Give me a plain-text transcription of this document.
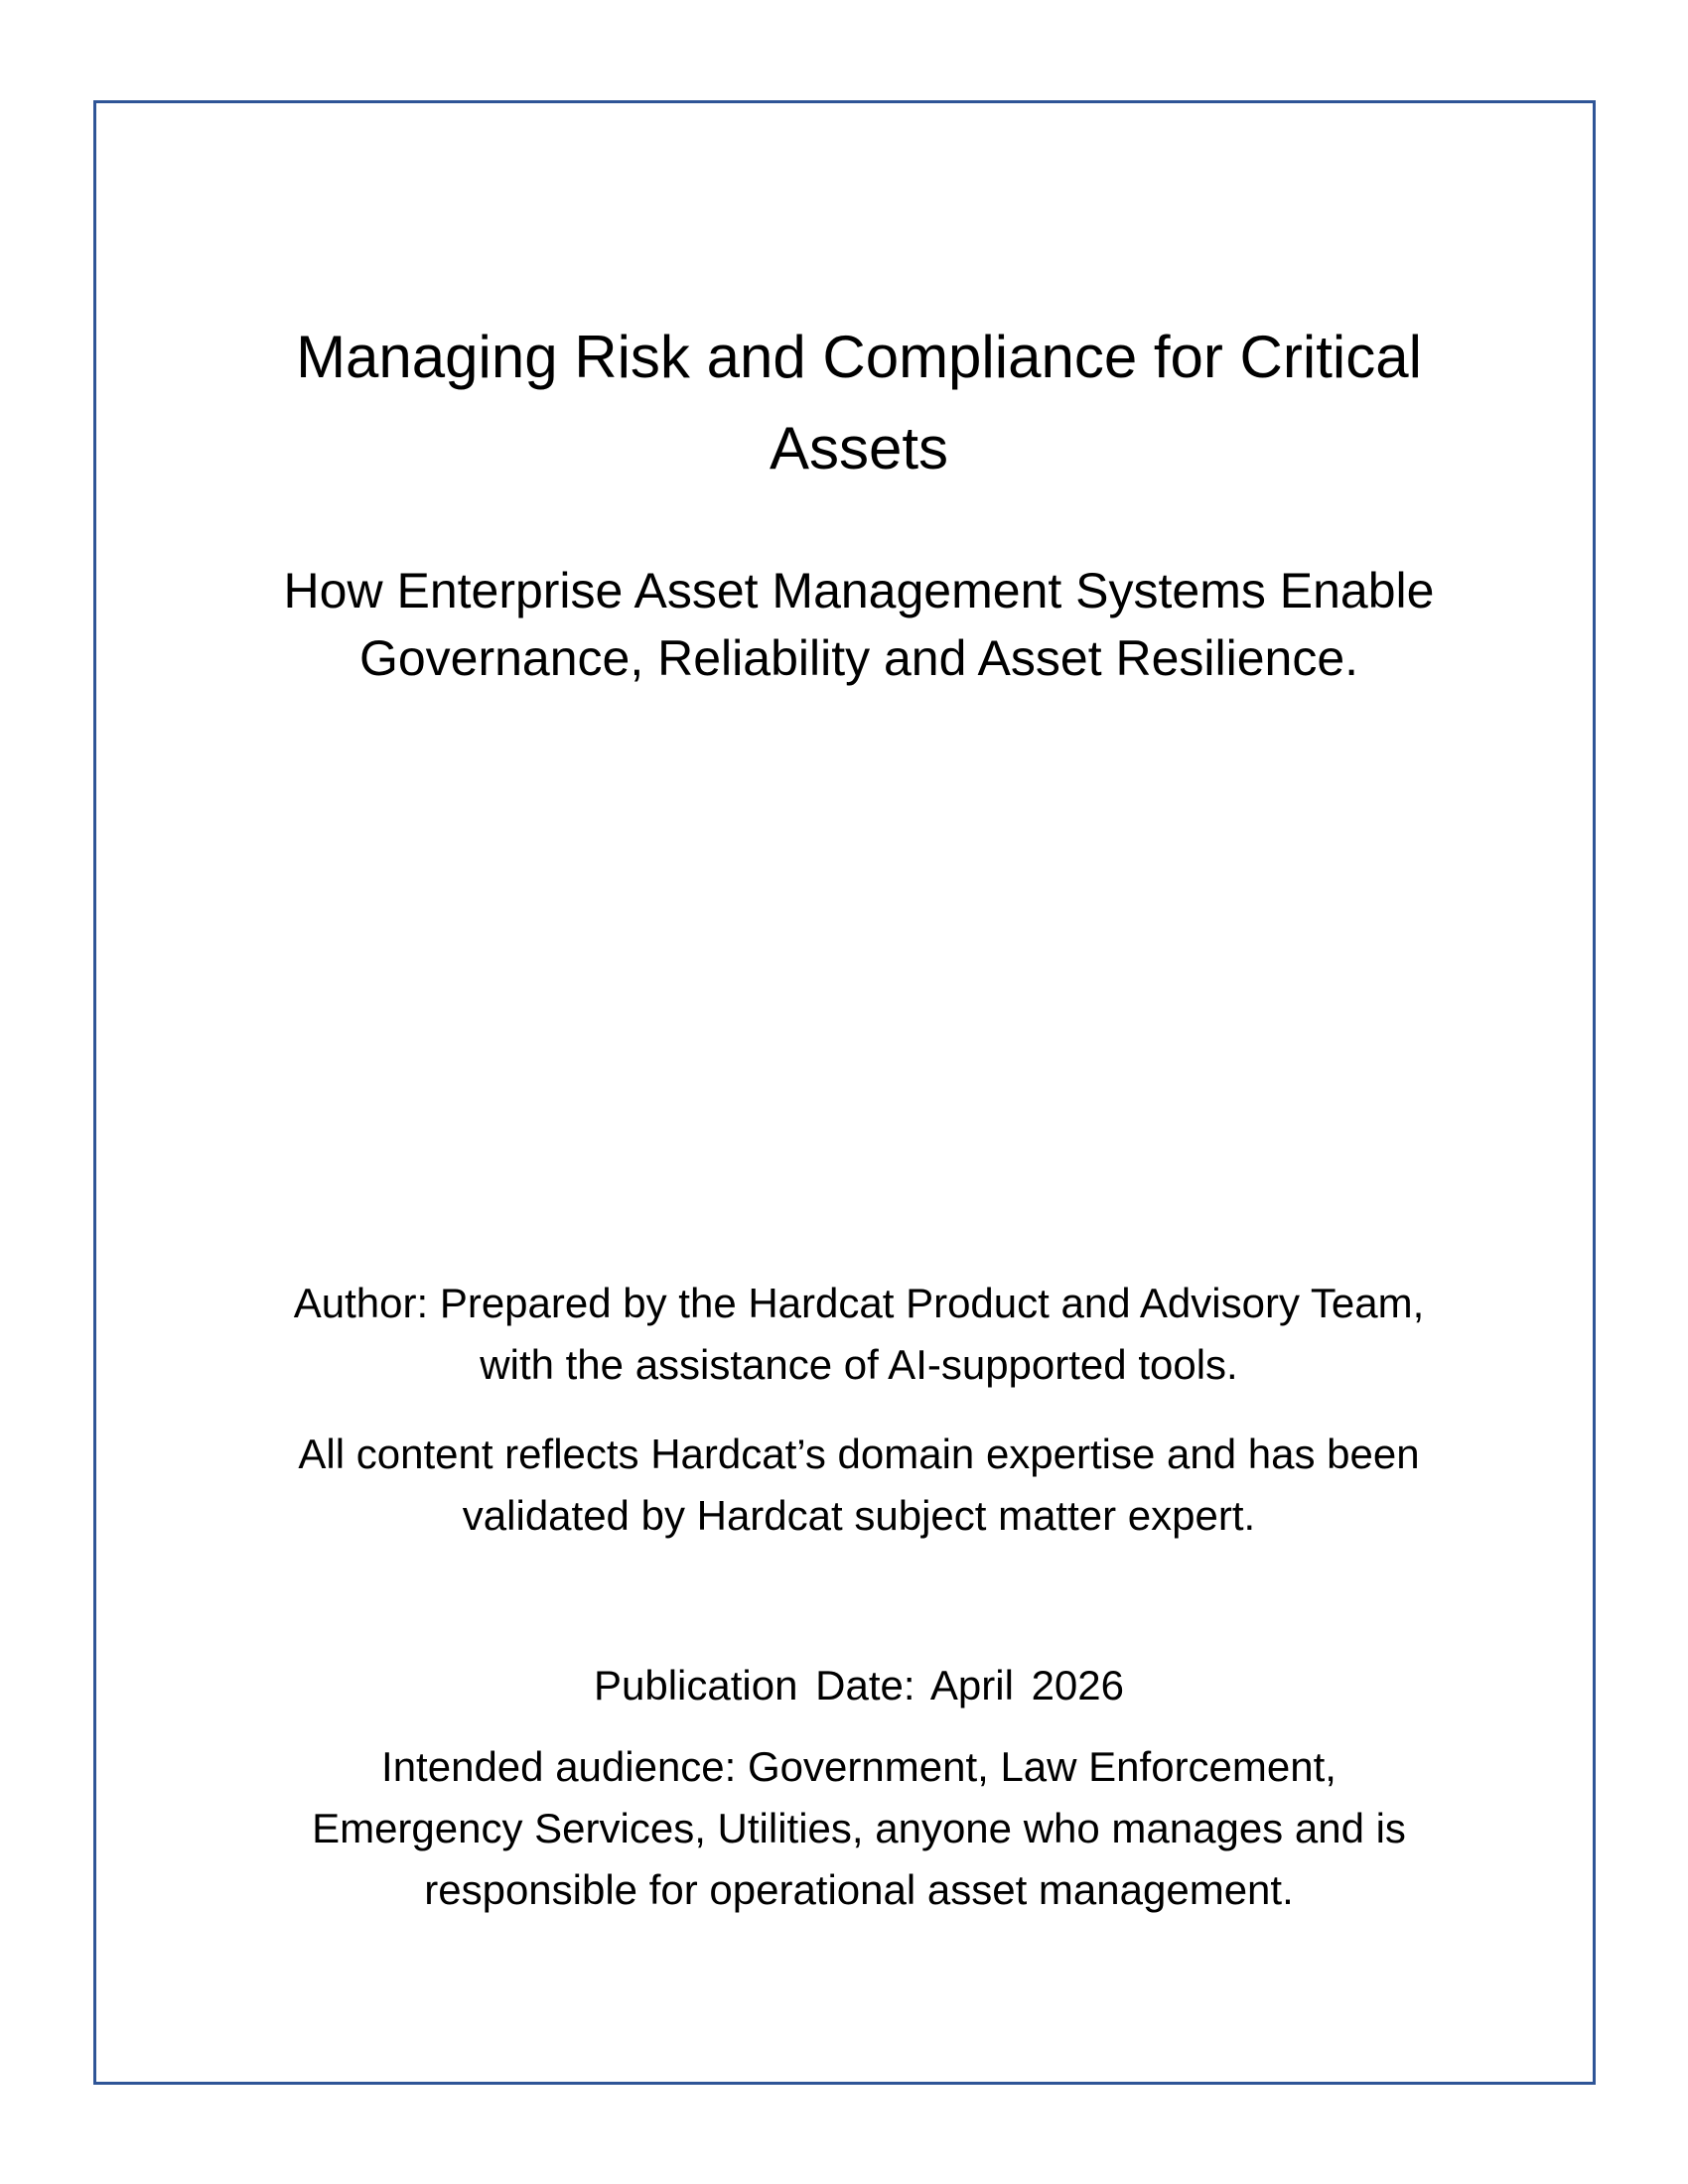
Managing Risk and Compliance for Critical
Assets
How Enterprise Asset Management Systems Enable
Governance, Reliability and Asset Resilience.

Author: Prepared by the Hardcat Product and Advisory Team,
with the assistance of AI-supported tools.

All content reflects Hardcat’s domain expertise and has been
validated by Hardcat subject matter expert.

Publication Date: April 2026

Intended audience: Government, Law Enforcement,
Emergency Services, Utilities, anyone who manages and is
responsible for operational asset management.
